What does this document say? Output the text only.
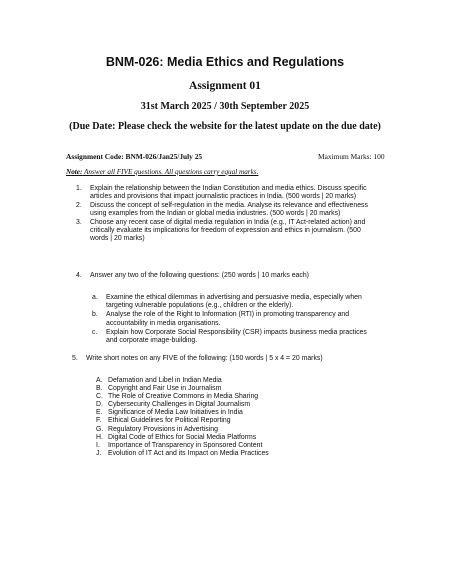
BNM-026: Media Ethics and Regulations
Assignment 01
31st March 2025 / 30th September 2025
(Due Date: Please check the website for the latest update on the due date)
Assignment Code: BNM-026/Jan25/July 25	Maximum Marks: 100
Note: Answer all FIVE questions. All questions carry equal marks.
1. Explain the relationship between the Indian Constitution and media ethics. Discuss specific articles and provisions that impact journalistic practices in India. (500 words | 20 marks)
2. Discuss the concept of self-regulation in the media. Analyse its relevance and effectiveness using examples from the Indian or global media industries. (500 words | 20 marks)
3. Choose any recent case of digital media regulation in India (e.g., IT Act-related action) and critically evaluate its implications for freedom of expression and ethics in journalism. (500 words | 20 marks)
4. Answer any two of the following questions: (250 words | 10 marks each)
a. Examine the ethical dilemmas in advertising and persuasive media, especially when targeting vulnerable populations (e.g., children or the elderly).
b. Analyse the role of the Right to Information (RTI) in promoting transparency and accountability in media organisations.
c. Explain how Corporate Social Responsibility (CSR) impacts business media practices and corporate image-building.
5. Write short notes on any FIVE of the following: (150 words | 5 x 4 = 20 marks)
A. Defamation and Libel in Indian Media
B. Copyright and Fair Use in Journalism
C. The Role of Creative Commons in Media Sharing
D. Cybersecurity Challenges in Digital Journalism
E. Significance of Media Law Initiatives in India
F. Ethical Guidelines for Political Reporting
G. Regulatory Provisions in Advertising
H. Digital Code of Ethics for Social Media Platforms
I. Importance of Transparency in Sponsored Content
J. Evolution of IT Act and its Impact on Media Practices
